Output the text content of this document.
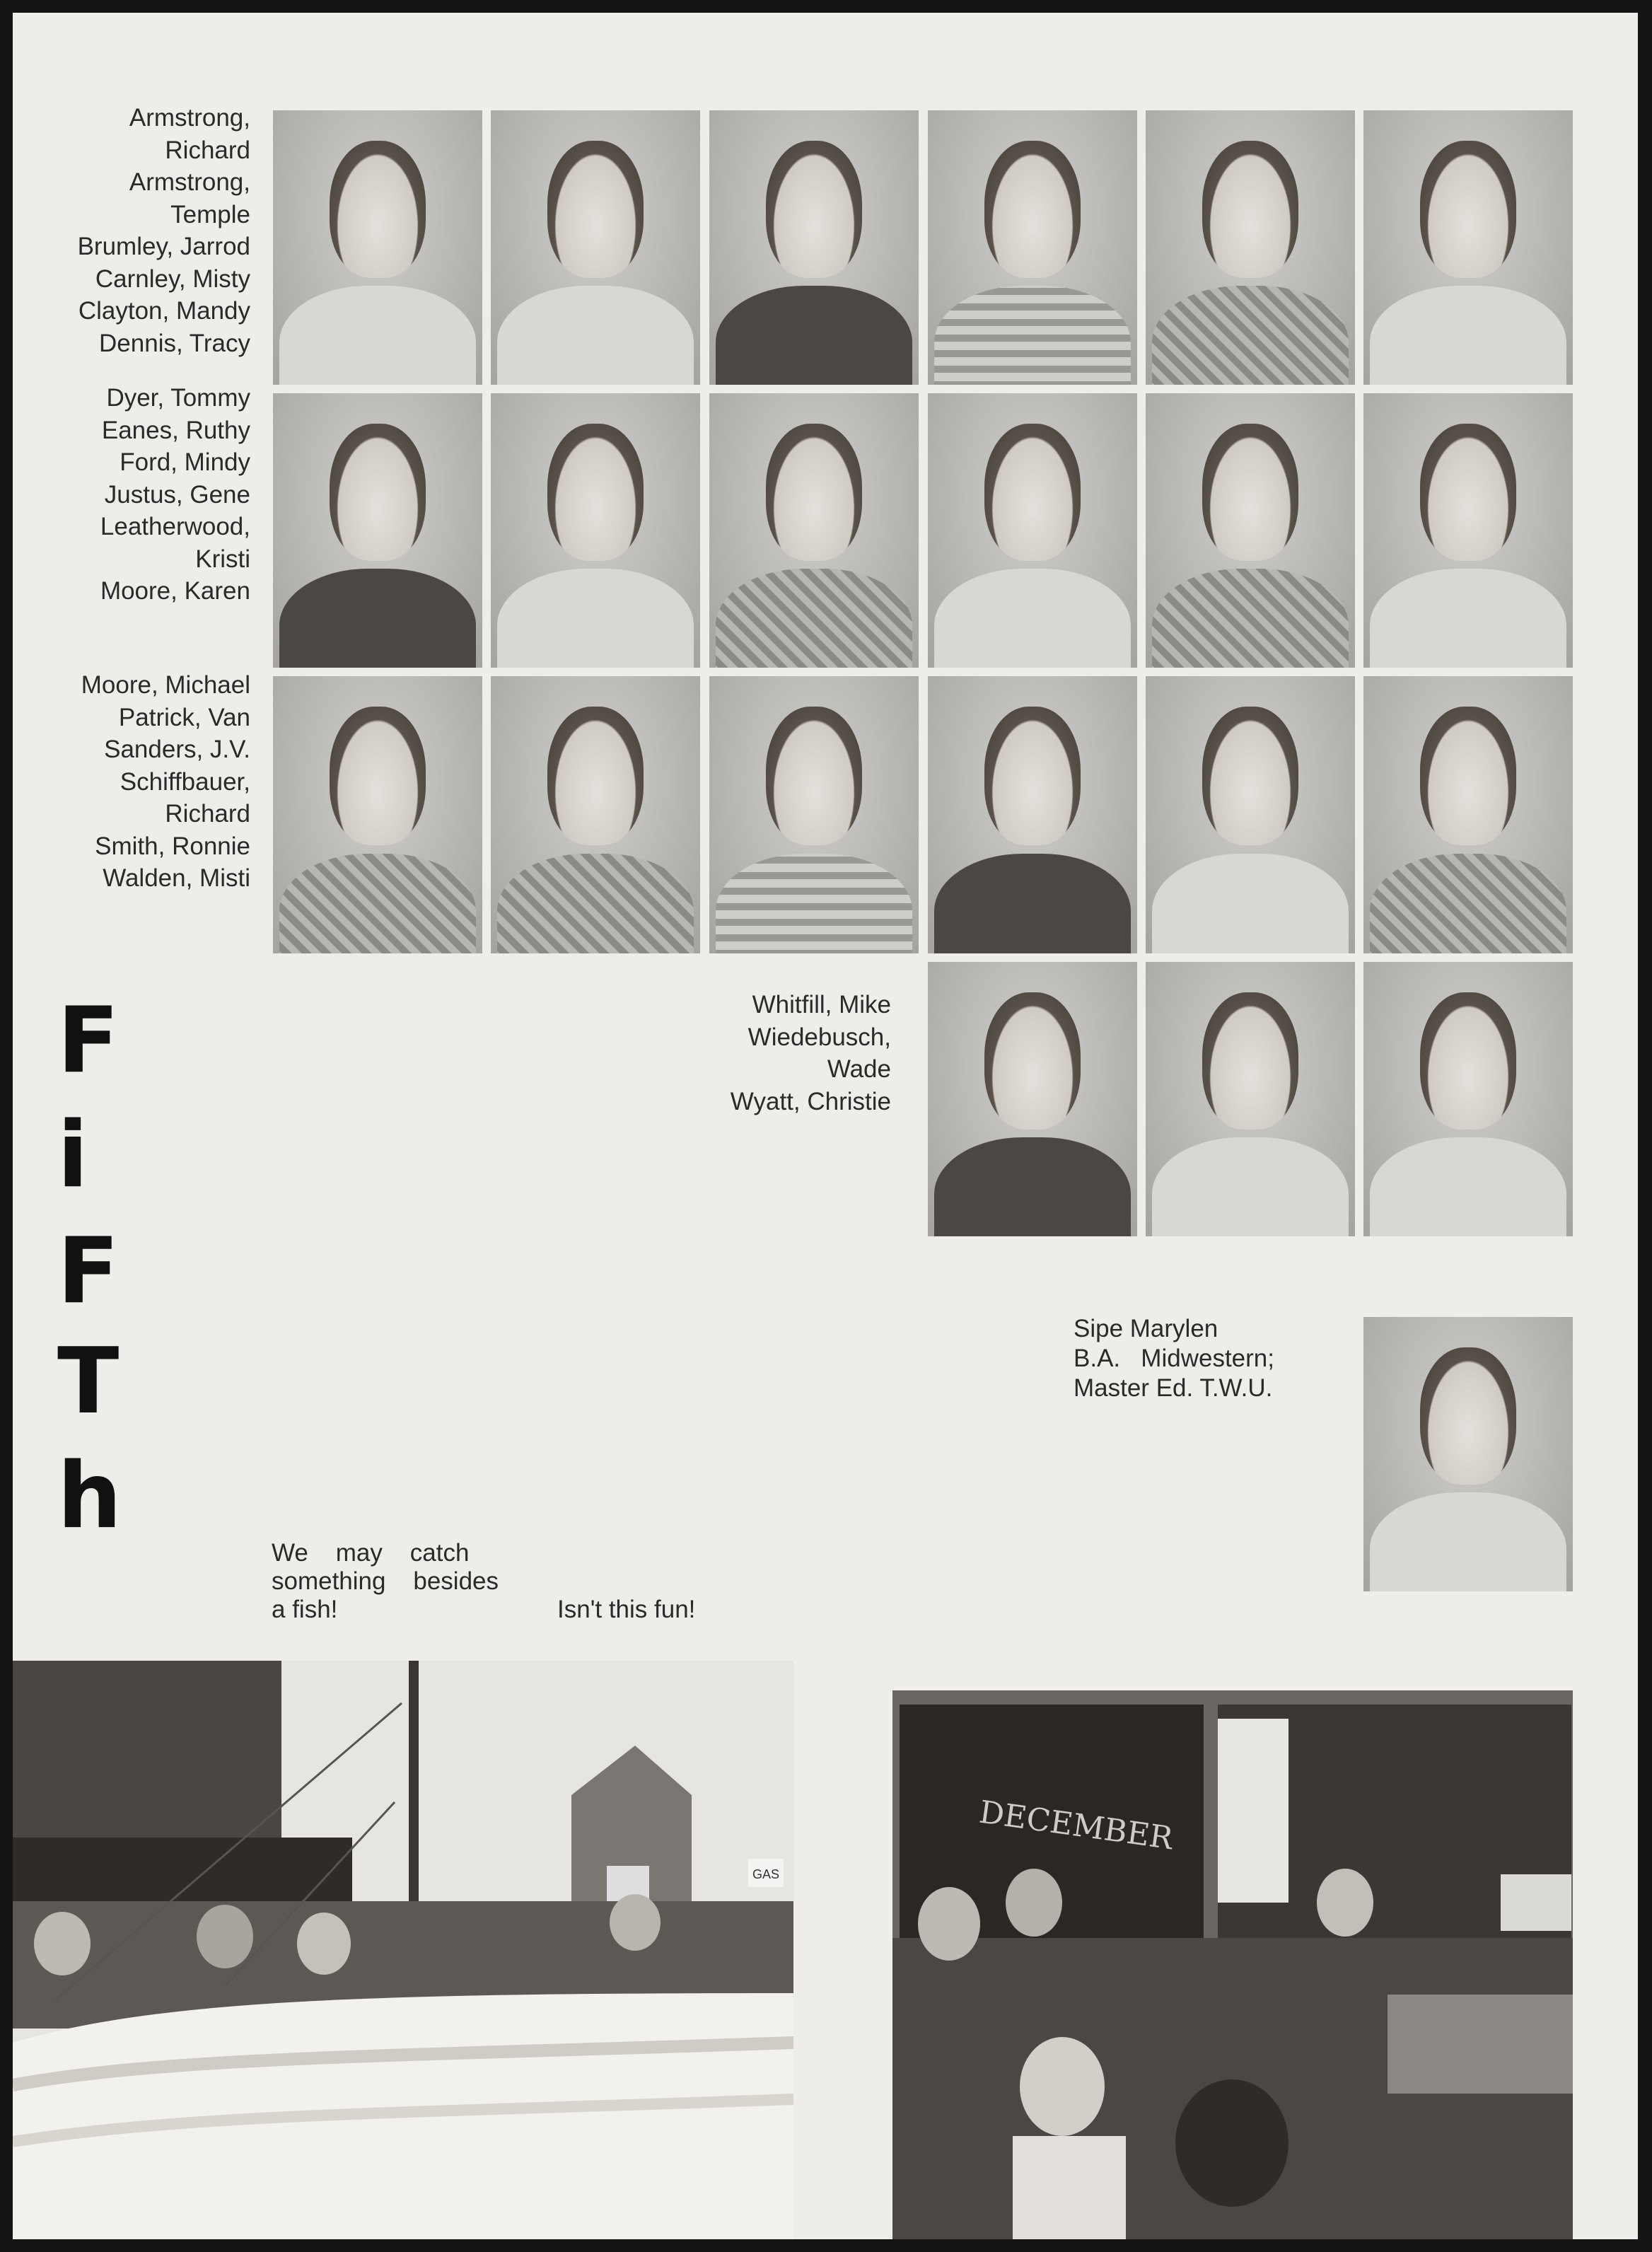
Armstrong,
Richard
Armstrong,
Temple
Brumley, Jarrod
Carnley, Misty
Clayton, Mandy
Dennis, Tracy
Dyer, Tommy
Eanes, Ruthy
Ford, Mindy
Justus, Gene
Leatherwood,
Kristi
Moore, Karen
Moore, Michael
Patrick, Van
Sanders, J.V.
Schiffbauer,
Richard
Smith, Ronnie
Walden, Misti
Whitfill, Mike
Wiedebusch,
Wade
Wyatt, Christie
F
i
F
T
h
Sipe Marylen
B.A.   Midwestern;
Master Ed. T.W.U.
We    may    catch
something    besides
a fish!	Isn't this fun!
GAS
DECEMBER
